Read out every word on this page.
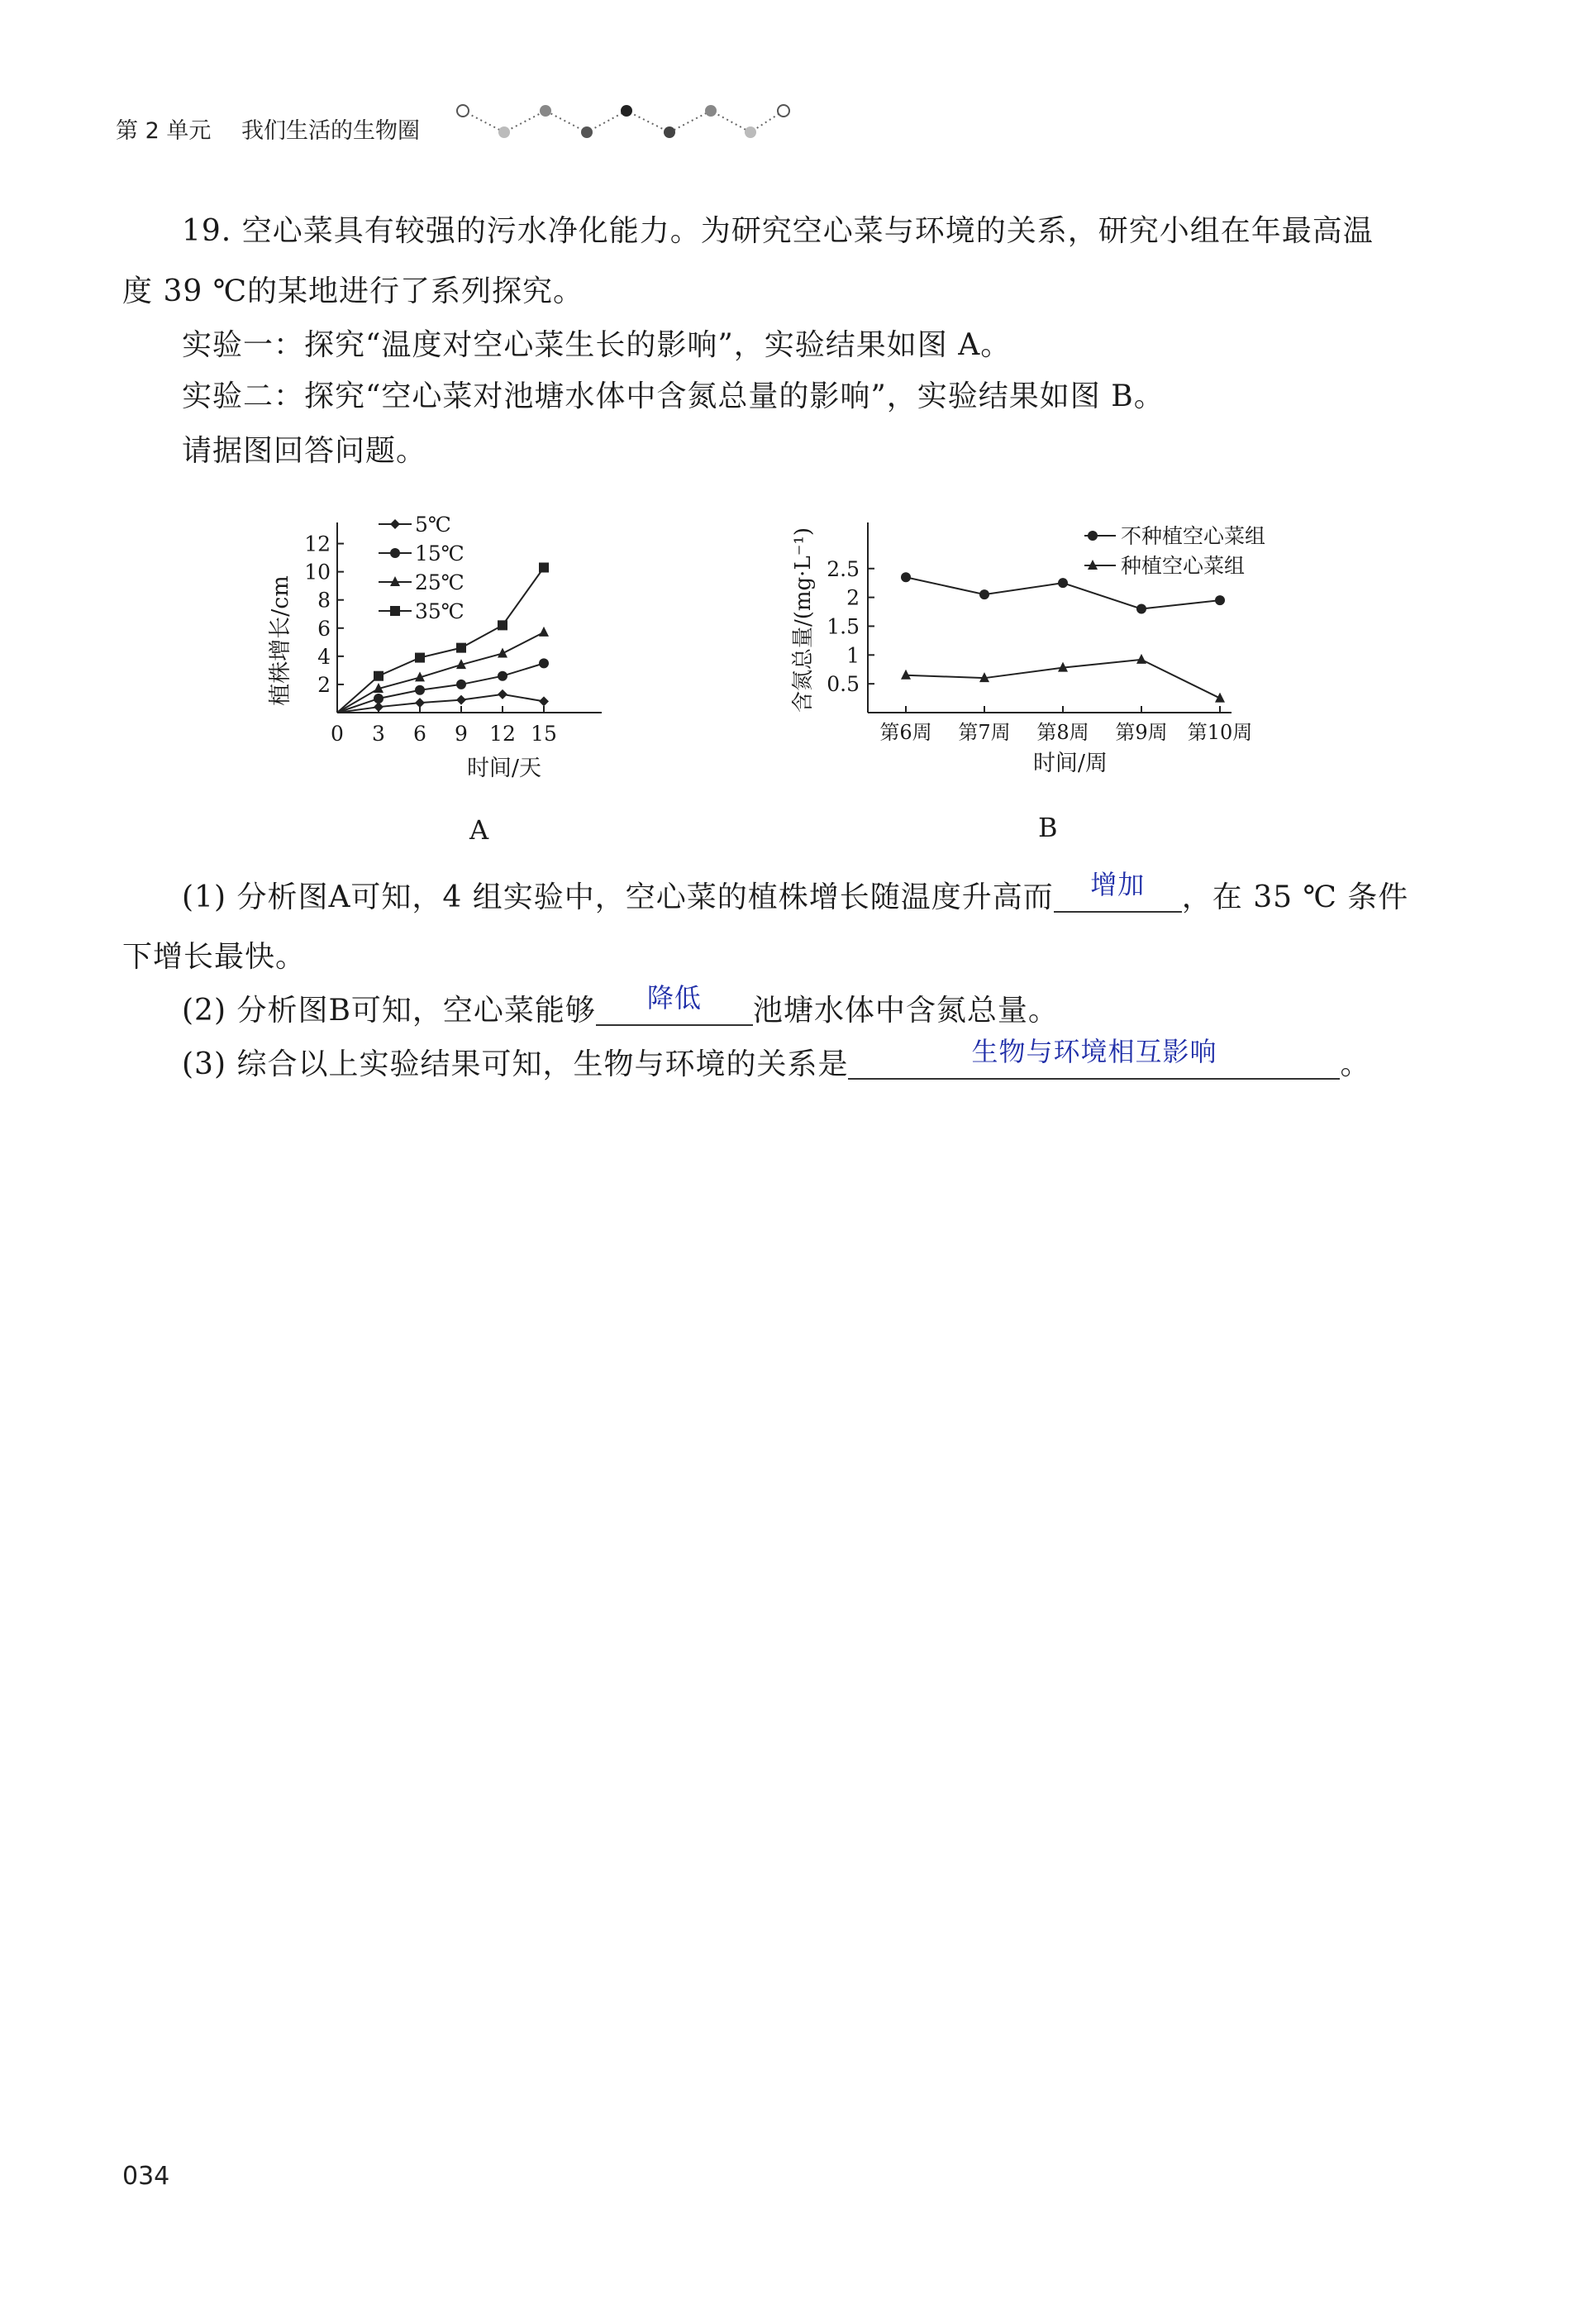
第 2 单元 我们生活的生物圈
19. 空心菜具有较强的污水净化能力。为研究空心菜与环境的关系，研究小组在年最高温
度 39 ℃的某地进行了系列探究。
实验一：探究“温度对空心菜生长的影响”，实验结果如图 A。
实验二：探究“空心菜对池塘水体中含氮总量的影响”，实验结果如图 B。
请据图回答问题。
植株增长/cm
时间/天
2
4
6
8
10
12
0 3 6 9 12 15
5℃
15℃
25℃
35℃
A
含氮总量/(mg·L⁻¹)
时间/周
0.5
1
1.5
2
2.5
第6周 第7周 第8周 第9周 第10周
不种植空心菜组
种植空心菜组
B
(1) 分析图A可知，4 组实验中，空心菜的植株增长随温度升高而	增加	，在 35 ℃ 条件
下增长最快。
(2) 分析图B可知，空心菜能够	降低	池塘水体中含氮总量。
(3) 综合以上实验结果可知，生物与环境的关系是	生物与环境相互影响	。
034
